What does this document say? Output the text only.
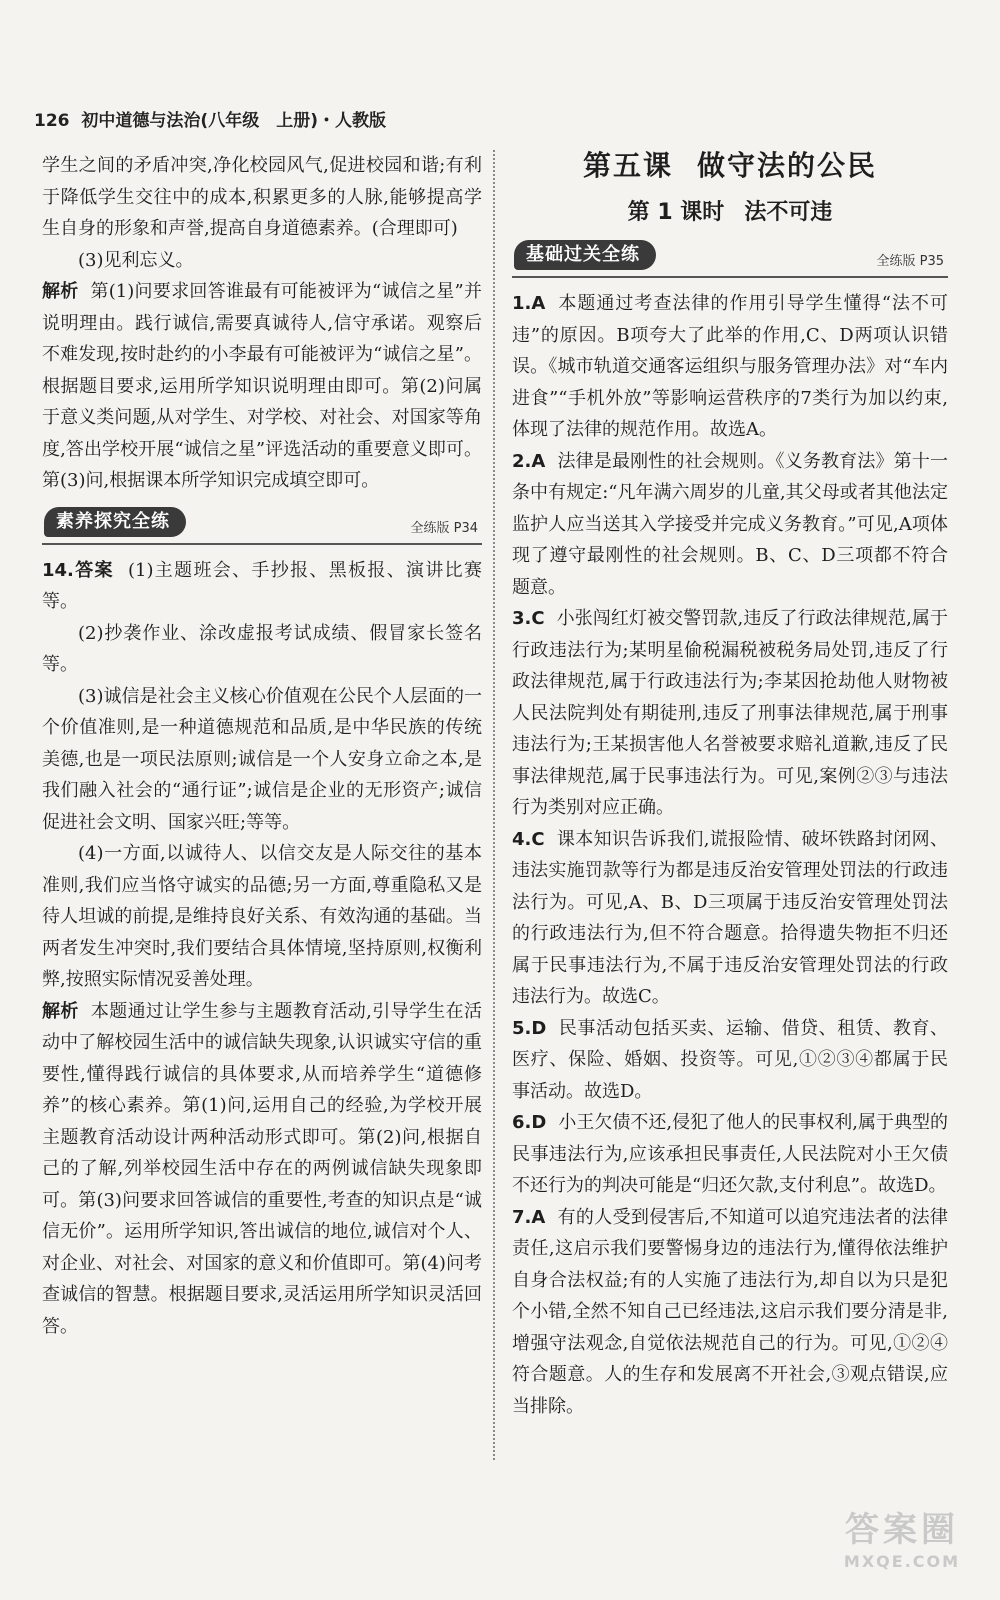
126 初中道德与法治(八年级　上册)・人教版

学生之间的矛盾冲突,净化校园风气,促进校园和谐;有利于降低学生交往中的成本,积累更多的人脉,能够提高学生自身的形象和声誉,提高自身道德素养。(合理即可)

(3)见利忘义。

解析 第(1)问要求回答谁最有可能被评为“诚信之星”并说明理由。践行诚信,需要真诚待人,信守承诺。观察后不难发现,按时赴约的小李最有可能被评为“诚信之星”。根据题目要求,运用所学知识说明理由即可。第(2)问属于意义类问题,从对学生、对学校、对社会、对国家等角度,答出学校开展“诚信之星”评选活动的重要意义即可。第(3)问,根据课本所学知识完成填空即可。

素养探究全练	全练版 P34

14.答案 (1)主题班会、手抄报、黑板报、演讲比赛等。

(2)抄袭作业、涂改虚报考试成绩、假冒家长签名等。

(3)诚信是社会主义核心价值观在公民个人层面的一个价值准则,是一种道德规范和品质,是中华民族的传统美德,也是一项民法原则;诚信是一个人安身立命之本,是我们融入社会的“通行证”;诚信是企业的无形资产;诚信促进社会文明、国家兴旺;等等。

(4)一方面,以诚待人、以信交友是人际交往的基本准则,我们应当恪守诚实的品德;另一方面,尊重隐私又是待人坦诚的前提,是维持良好关系、有效沟通的基础。当两者发生冲突时,我们要结合具体情境,坚持原则,权衡利弊,按照实际情况妥善处理。

解析 本题通过让学生参与主题教育活动,引导学生在活动中了解校园生活中的诚信缺失现象,认识诚实守信的重要性,懂得践行诚信的具体要求,从而培养学生“道德修养”的核心素养。第(1)问,运用自己的经验,为学校开展主题教育活动设计两种活动形式即可。第(2)问,根据自己的了解,列举校园生活中存在的两例诚信缺失现象即可。第(3)问要求回答诚信的重要性,考查的知识点是“诚信无价”。运用所学知识,答出诚信的地位,诚信对个人、对企业、对社会、对国家的意义和价值即可。第(4)问考查诚信的智慧。根据题目要求,灵活运用所学知识灵活回答。

第五课 做守法的公民
第 1 课时 法不可违
基础过关全练	全练版 P35

1.A 本题通过考查法律的作用引导学生懂得“法不可违”的原因。B项夸大了此举的作用,C、D两项认识错误。《城市轨道交通客运组织与服务管理办法》对“车内进食”“手机外放”等影响运营秩序的7类行为加以约束,体现了法律的规范作用。故选A。

2.A 法律是最刚性的社会规则。《义务教育法》第十一条中有规定:“凡年满六周岁的儿童,其父母或者其他法定监护人应当送其入学接受并完成义务教育。”可见,A项体现了遵守最刚性的社会规则。B、C、D三项都不符合题意。

3.C 小张闯红灯被交警罚款,违反了行政法律规范,属于行政违法行为;某明星偷税漏税被税务局处罚,违反了行政法律规范,属于行政违法行为;李某因抢劫他人财物被人民法院判处有期徒刑,违反了刑事法律规范,属于刑事违法行为;王某损害他人名誉被要求赔礼道歉,违反了民事法律规范,属于民事违法行为。可见,案例②③与违法行为类别对应正确。

4.C 课本知识告诉我们,谎报险情、破坏铁路封闭网、违法实施罚款等行为都是违反治安管理处罚法的行政违法行为。可见,A、B、D三项属于违反治安管理处罚法的行政违法行为,但不符合题意。拾得遗失物拒不归还属于民事违法行为,不属于违反治安管理处罚法的行政违法行为。故选C。

5.D 民事活动包括买卖、运输、借贷、租赁、教育、医疗、保险、婚姻、投资等。可见,①②③④都属于民事活动。故选D。

6.D 小王欠债不还,侵犯了他人的民事权利,属于典型的民事违法行为,应该承担民事责任,人民法院对小王欠债不还行为的判决可能是“归还欠款,支付利息”。故选D。

7.A 有的人受到侵害后,不知道可以追究违法者的法律责任,这启示我们要警惕身边的违法行为,懂得依法维护自身合法权益;有的人实施了违法行为,却自以为只是犯个小错,全然不知自己已经违法,这启示我们要分清是非,增强守法观念,自觉依法规范自己的行为。可见,①②④符合题意。人的生存和发展离不开社会,③观点错误,应当排除。

答案圈
MXQE.COM
